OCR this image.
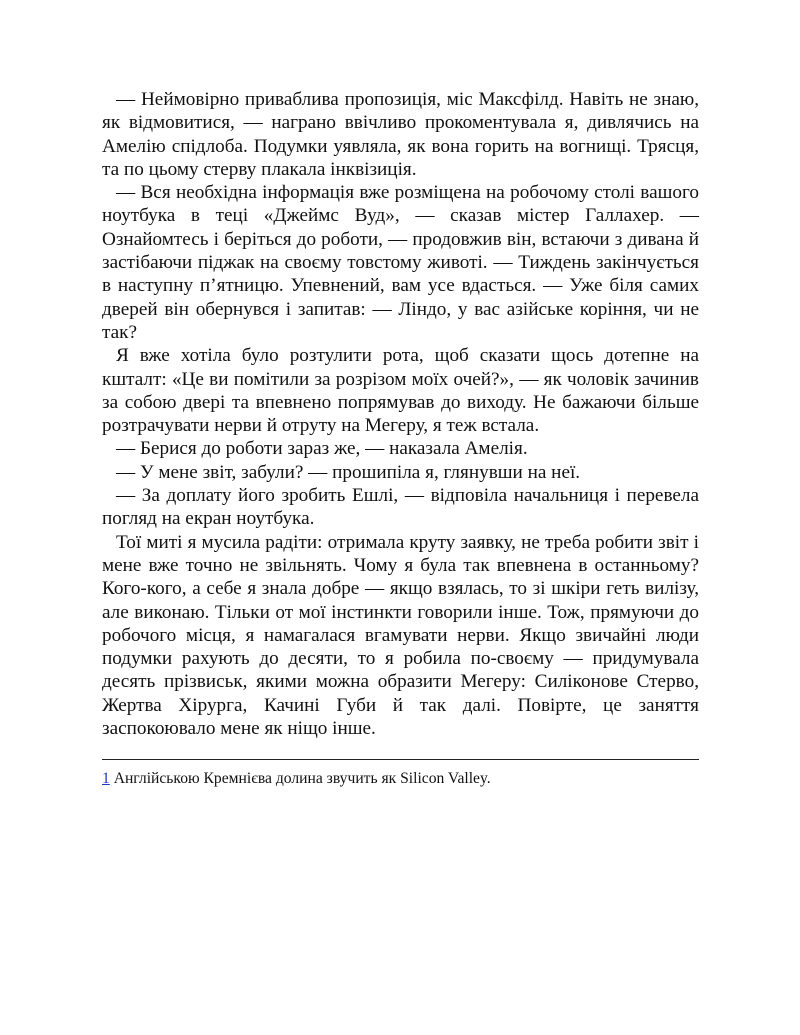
— Неймовірно приваблива пропозиція, міс Максфілд. Навіть не знаю, як відмовитися, — награно ввічливо прокоментувала я, дивлячись на Амелію спідлоба. Подумки уявляла, як вона горить на вогнищі. Трясця, та по цьому стерву плакала інквізиція.

— Вся необхідна інформація вже розміщена на робочому столі вашого ноутбука в теці «Джеймс Вуд», — сказав містер Галлахер. — Ознайомтесь і беріться до роботи, — продовжив він, встаючи з дивана й застібаючи піджак на своєму товстому животі. — Тиждень закінчується в наступну п’ятницю. Упевнений, вам усе вдасться. — Уже біля самих дверей він обернувся і запитав: — Ліндо, у вас азійське коріння, чи не так?

Я вже хотіла було розтулити рота, щоб сказати щось дотепне на кшталт: «Це ви помітили за розрізом моїх очей?», — як чоловік зачинив за собою двері та впевнено попрямував до виходу. Не бажаючи більше розтрачувати нерви й отруту на Мегеру, я теж встала.

— Берися до роботи зараз же, — наказала Амелія.

— У мене звіт, забули? — прошипіла я, глянувши на неї.

— За доплату його зробить Ешлі, — відповіла начальниця і перевела погляд на екран ноутбука.

Тої миті я мусила радіти: отримала круту заявку, не треба робити звіт і мене вже точно не звільнять. Чому я була так впевнена в останньому? Кого-кого, а себе я знала добре — якщо взялась, то зі шкіри геть вилізу, але виконаю. Тільки от мої інстинкти говорили інше. Тож, прямуючи до робочого місця, я намагалася вгамувати нерви. Якщо звичайні люди подумки рахують до десяти, то я робила по-своєму — придумувала десять прізвиськ, якими можна образити Мегеру: Силіконове Стерво, Жертва Хірурга, Качині Губи й так далі. Повірте, це заняття заспокоювало мене як ніщо інше.

1 Англійською Кремнієва долина звучить як Silicon Valley.
